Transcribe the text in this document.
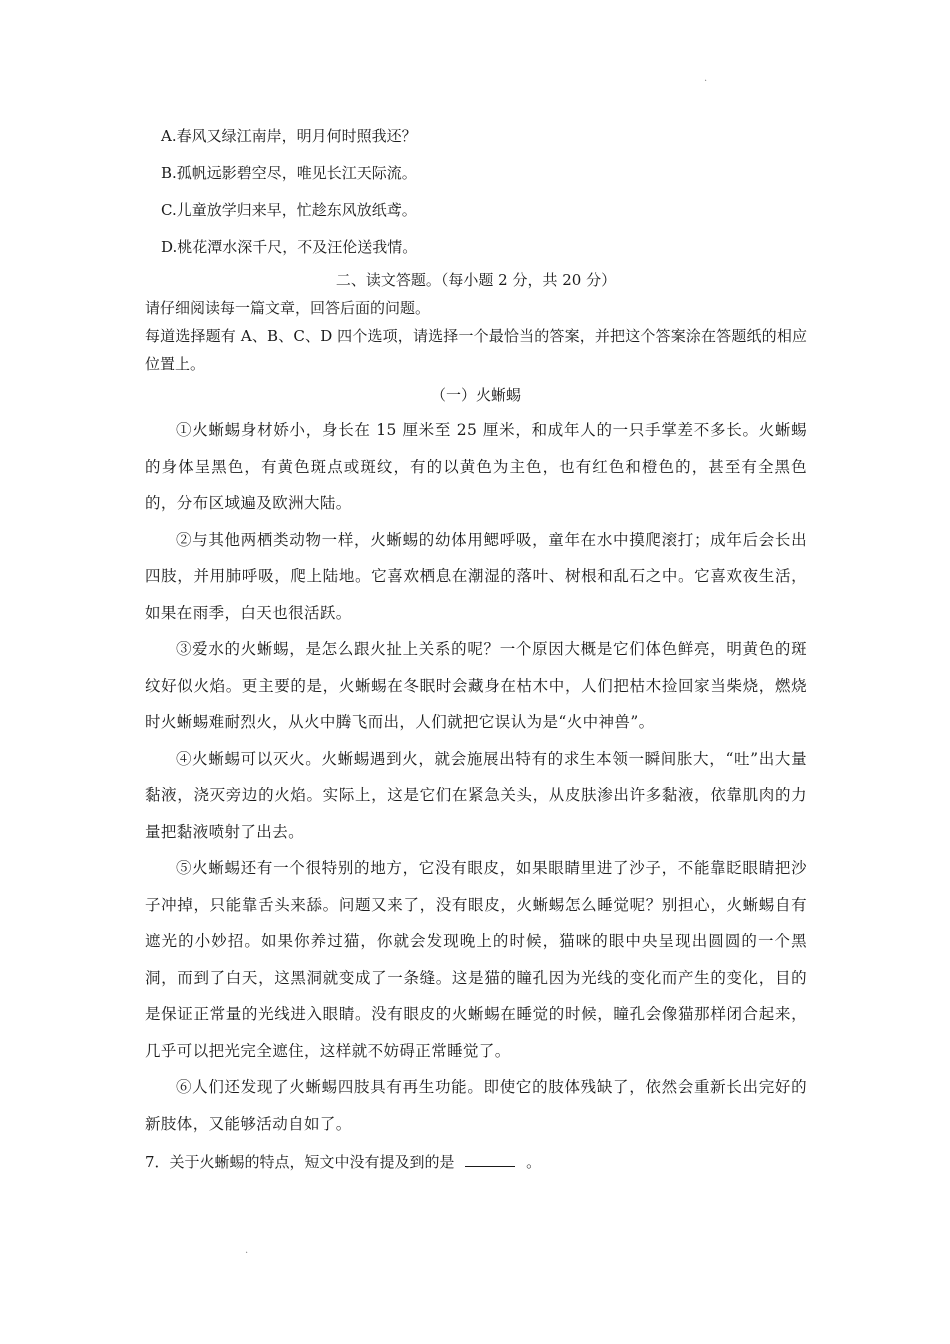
.
A.春风又绿江南岸，明月何时照我还？
B.孤帆远影碧空尽，唯见长江天际流。
C.儿童放学归来早，忙趁东风放纸鸢。
D.桃花潭水深千尺，不及汪伦送我情。
二、读文答题。（每小题 2 分，共 20 分）
请仔细阅读每一篇文章，回答后面的问题。
每道选择题有 A、B、C、D 四个选项，请选择一个最恰当的答案，并把这个答案涂在答题纸的相应位置上。
（一）火蜥蜴
①火蜥蜴身材娇小，身长在 15 厘米至 25 厘米，和成年人的一只手掌差不多长。火蜥蜴的身体呈黑色，有黄色斑点或斑纹，有的以黄色为主色，也有红色和橙色的，甚至有全黑色的，分布区域遍及欧洲大陆。
②与其他两栖类动物一样，火蜥蜴的幼体用鳃呼吸，童年在水中摸爬滚打；成年后会长出四肢，并用肺呼吸，爬上陆地。它喜欢栖息在潮湿的落叶、树根和乱石之中。它喜欢夜生活，如果在雨季，白天也很活跃。
③爱水的火蜥蜴，是怎么跟火扯上关系的呢？一个原因大概是它们体色鲜亮，明黄色的斑纹好似火焰。更主要的是，火蜥蜴在冬眠时会藏身在枯木中，人们把枯木捡回家当柴烧，燃烧时火蜥蜴难耐烈火，从火中腾飞而出，人们就把它误认为是“火中神兽”。
④火蜥蜴可以灭火。火蜥蜴遇到火，就会施展出特有的求生本领一瞬间胀大，“吐”出大量黏液，浇灭旁边的火焰。实际上，这是它们在紧急关头，从皮肤渗出许多黏液，依靠肌肉的力量把黏液喷射了出去。
⑤火蜥蜴还有一个很特别的地方，它没有眼皮，如果眼睛里进了沙子，不能靠眨眼睛把沙子冲掉，只能靠舌头来舔。问题又来了，没有眼皮，火蜥蜴怎么睡觉呢？别担心，火蜥蜴自有遮光的小妙招。如果你养过猫，你就会发现晚上的时候，猫咪的眼中央呈现出圆圆的一个黑洞，而到了白天，这黑洞就变成了一条缝。这是猫的瞳孔因为光线的变化而产生的变化，目的是保证正常量的光线进入眼睛。没有眼皮的火蜥蜴在睡觉的时候，瞳孔会像猫那样闭合起来，几乎可以把光完全遮住，这样就不妨碍正常睡觉了。
⑥人们还发现了火蜥蜴四肢具有再生功能。即使它的肢体残缺了，依然会重新长出完好的新肢体，又能够活动自如了。
7．关于火蜥蜴的特点，短文中没有提及到的是	。
.
